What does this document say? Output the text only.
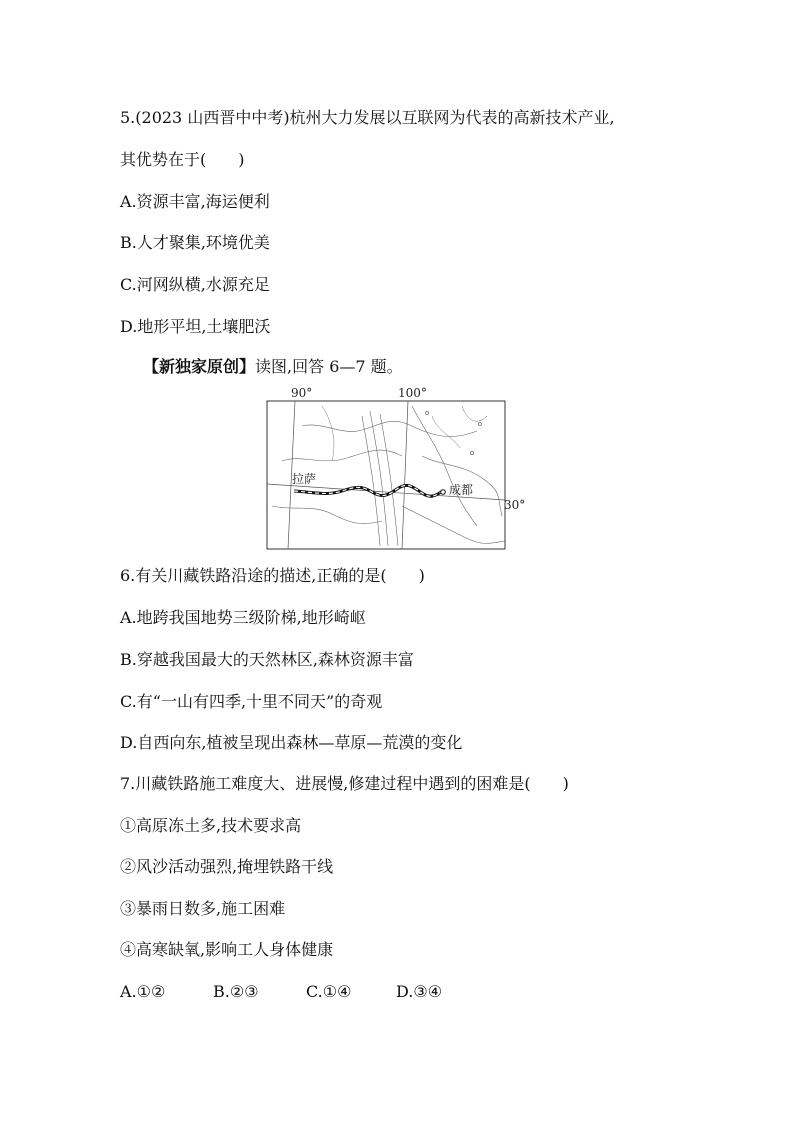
5.(2023 山西晋中中考)杭州大力发展以互联网为代表的高新技术产业,
其优势在于(　　)
A.资源丰富,海运便利
B.人才聚集,环境优美
C.河网纵横,水源充足
D.地形平坦,土壤肥沃
【新独家原创】读图,回答 6—7 题。
90°	100°
30°
拉萨
成都
6.有关川藏铁路沿途的描述,正确的是(　　)
A.地跨我国地势三级阶梯,地形崎岖
B.穿越我国最大的天然林区,森林资源丰富
C.有“一山有四季,十里不同天”的奇观
D.自西向东,植被呈现出森林—草原—荒漠的变化
7.川藏铁路施工难度大、进展慢,修建过程中遇到的困难是(　　)
①高原冻土多,技术要求高
②风沙活动强烈,掩埋铁路干线
③暴雨日数多,施工困难
④高寒缺氧,影响工人身体健康
A.①②	B.②③	C.①④	D.③④
